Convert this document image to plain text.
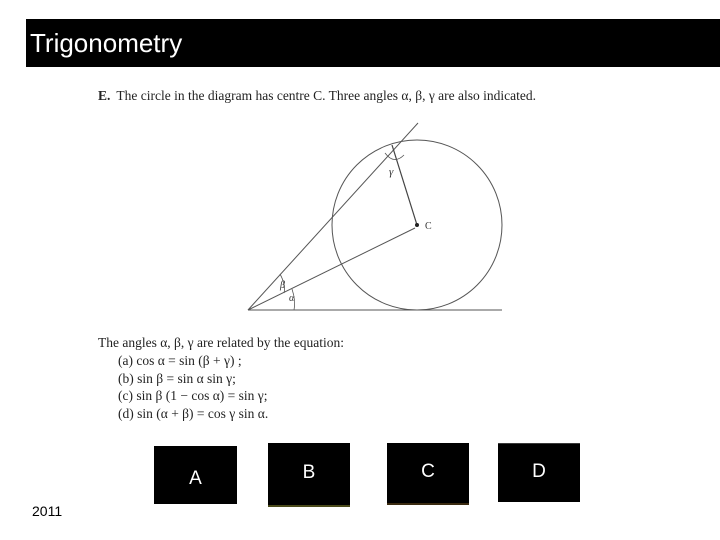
Trigonometry
E. The circle in the diagram has centre C. Three angles α, β, γ are also indicated.
γ
C
β
α
The angles α, β, γ are related by the equation:
(a) cos α = sin (β + γ) ;
(b) sin β = sin α sin γ;
(c) sin β (1 − cos α) = sin γ;
(d) sin (α + β) = cos γ sin α.
A	B	C	D
2011
